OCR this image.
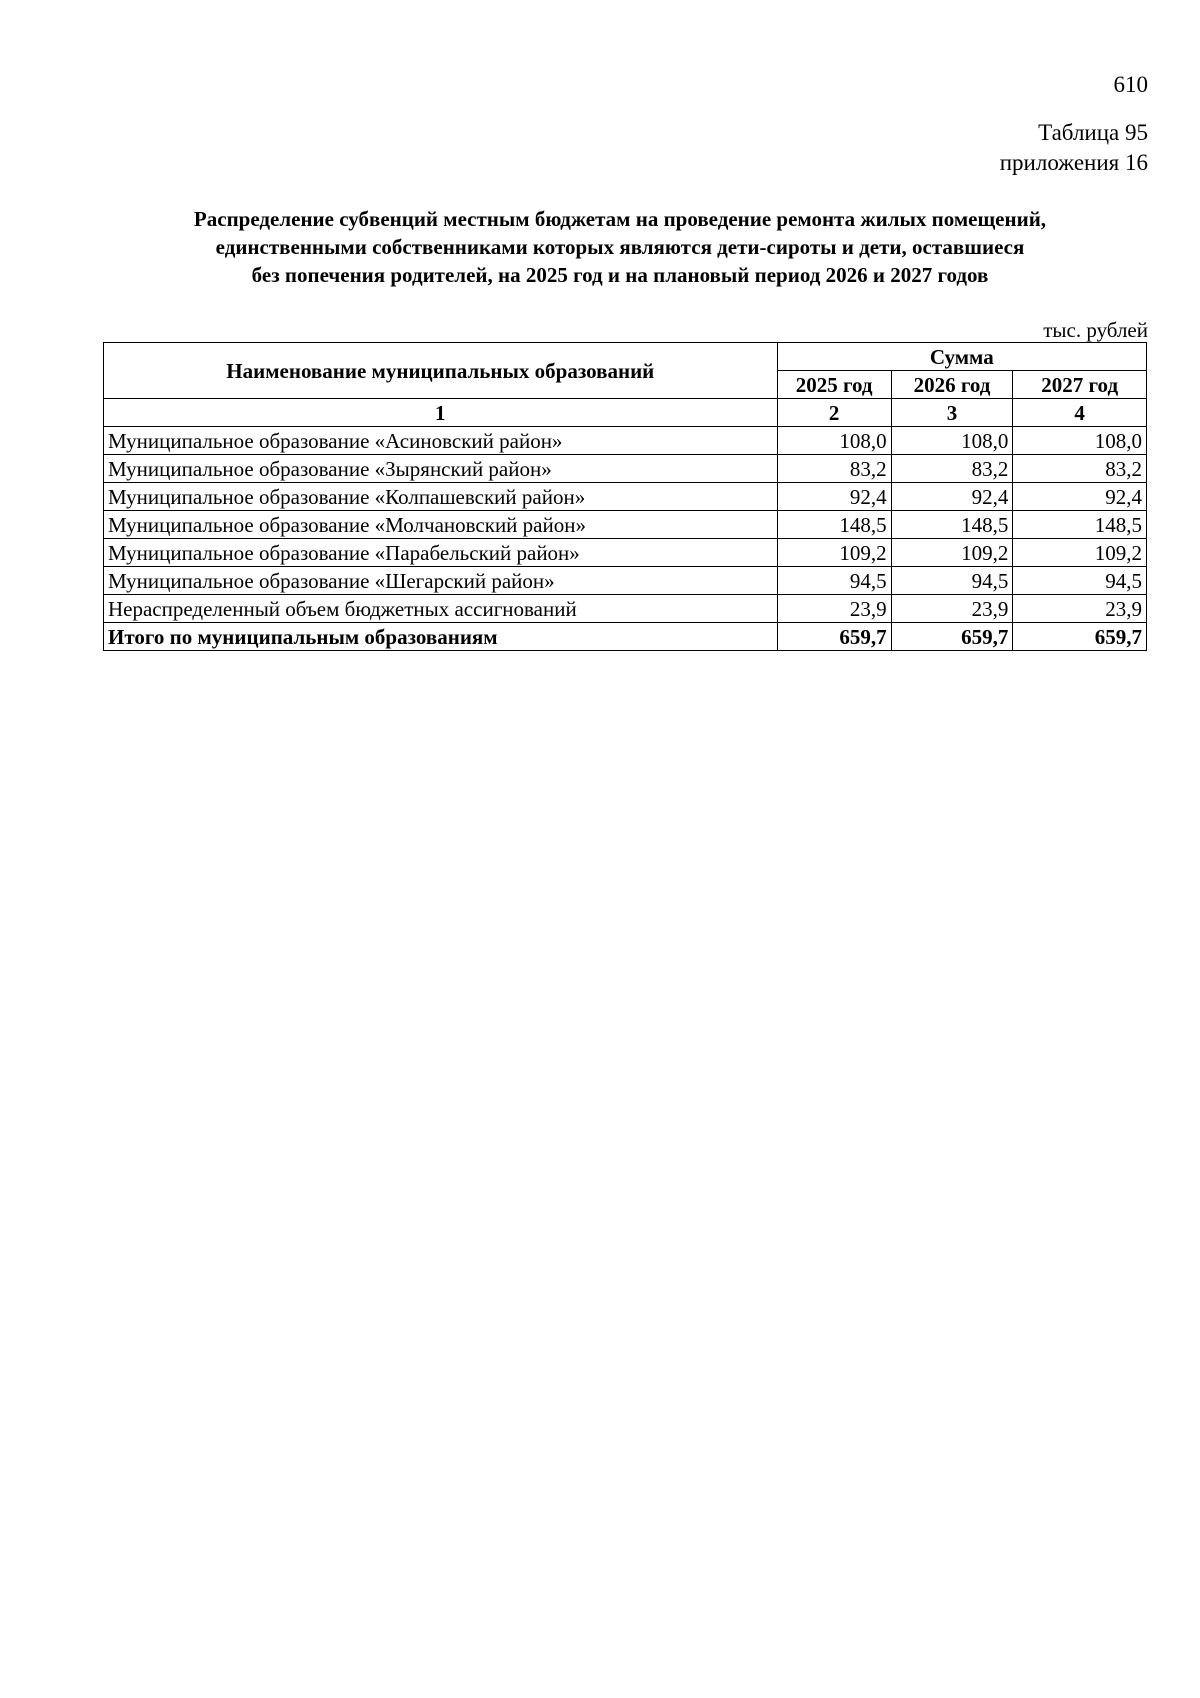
610
Таблица 95
приложения 16
Распределение субвенций местным бюджетам на проведение ремонта жилых помещений,
единственными собственниками которых являются дети-сироты и дети, оставшиеся
без попечения родителей, на 2025 год и на плановый период 2026 и 2027 годов
тыс. рублей
Наименование муниципальных образований	Сумма		
	2025 год	2026 год	2027 год
1	2	3	4
Муниципальное образование «Асиновский район»	108,0	108,0	108,0
Муниципальное образование «Зырянский район»	83,2	83,2	83,2
Муниципальное образование «Колпашевский район»	92,4	92,4	92,4
Муниципальное образование «Молчановский район»	148,5	148,5	148,5
Муниципальное образование «Парабельский район»	109,2	109,2	109,2
Муниципальное образование «Шегарский район»	94,5	94,5	94,5
Нераспределенный объем бюджетных ассигнований	23,9	23,9	23,9
Итого по муниципальным образованиям	659,7	659,7	659,7
